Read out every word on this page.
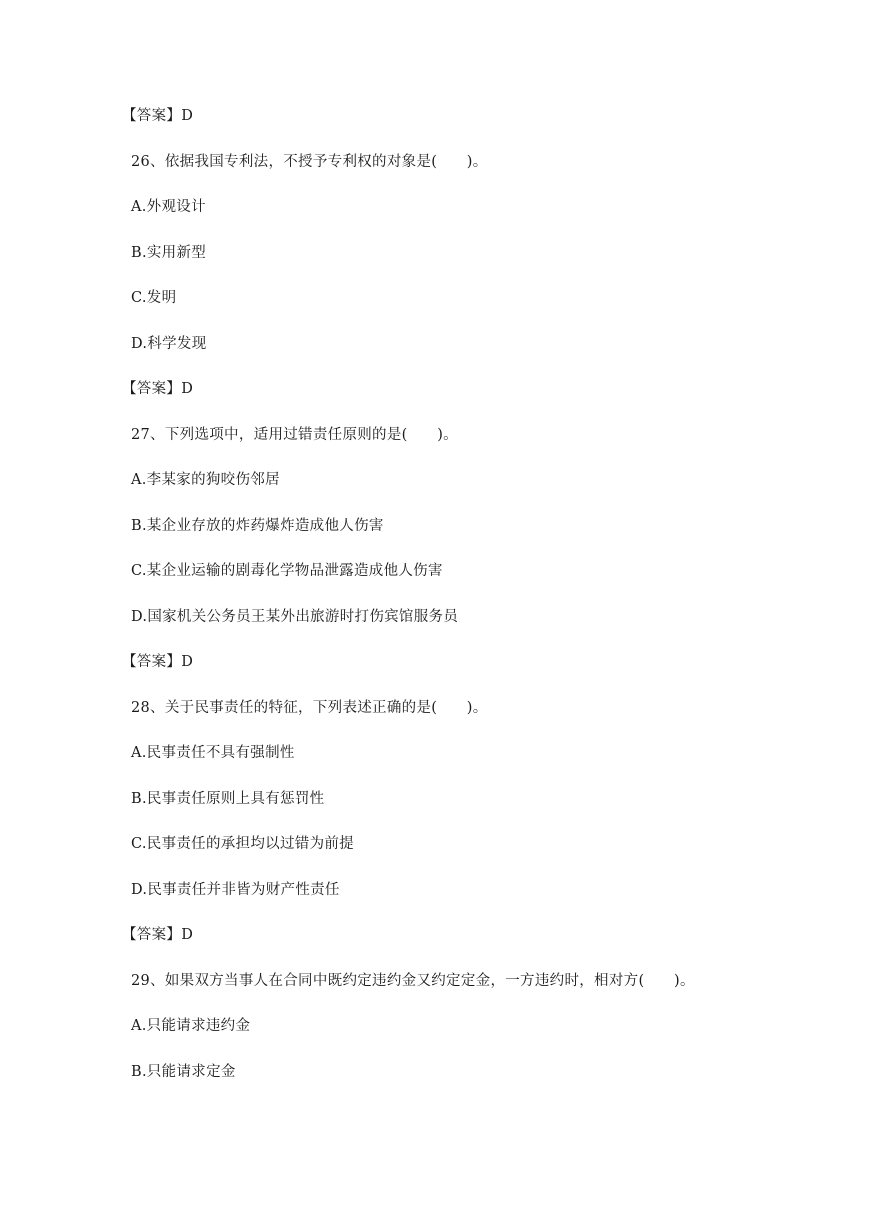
【答案】D
26、依据我国专利法，不授予专利权的对象是(　　)。
A.外观设计
B.实用新型
C.发明
D.科学发现
【答案】D
27、下列选项中，适用过错责任原则的是(　　)。
A.李某家的狗咬伤邻居
B.某企业存放的炸药爆炸造成他人伤害
C.某企业运输的剧毒化学物品泄露造成他人伤害
D.国家机关公务员王某外出旅游时打伤宾馆服务员
【答案】D
28、关于民事责任的特征，下列表述正确的是(　　)。
A.民事责任不具有强制性
B.民事责任原则上具有惩罚性
C.民事责任的承担均以过错为前提
D.民事责任并非皆为财产性责任
【答案】D
29、如果双方当事人在合同中既约定违约金又约定定金，一方违约时，相对方(　　)。
A.只能请求违约金
B.只能请求定金
